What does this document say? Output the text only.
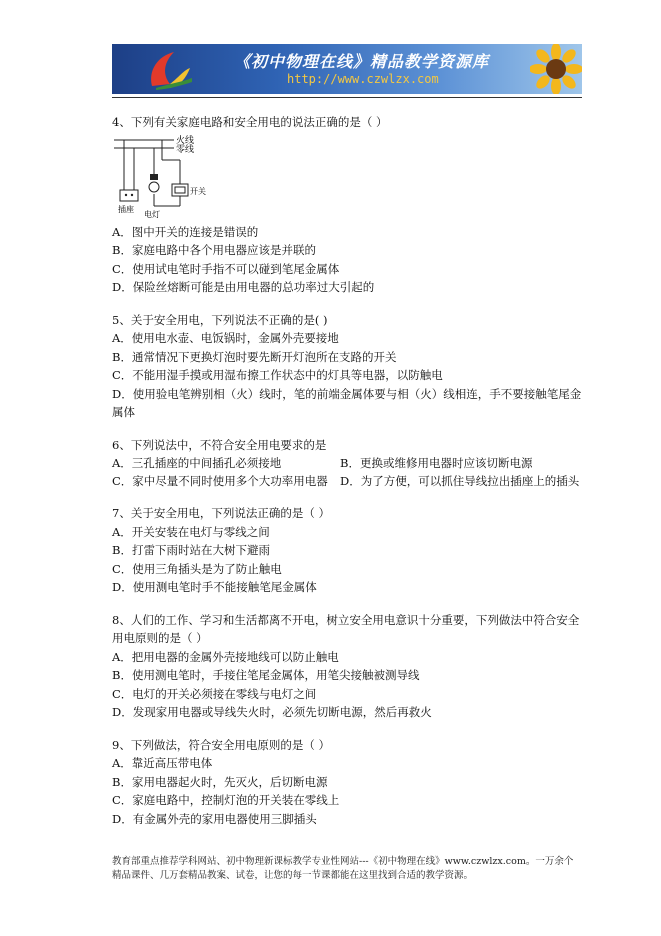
《初中物理在线》精品教学资源库
http://www.czwlzx.com
4、下列有关家庭电路和安全用电的说法正确的是（ ）
火线
零线
插座
电灯
开关
A．图中开关的连接是错误的
B．家庭电路中各个用电器应该是并联的
C．使用试电笔时手指不可以碰到笔尾金属体
D．保险丝熔断可能是由用电器的总功率过大引起的
5、关于安全用电，下列说法不正确的是( )
A．使用电水壶、电饭锅时，金属外壳要接地
B．通常情况下更换灯泡时要先断开灯泡所在支路的开关
C．不能用湿手摸或用湿布擦工作状态中的灯具等电器，以防触电
D．使用验电笔辨别相（火）线时，笔的前端金属体要与相（火）线相连，手不要接触笔尾金属体
6、下列说法中，不符合安全用电要求的是
A．三孔插座的中间插孔必须接地	B．更换或维修用电器时应该切断电源
C．家中尽量不同时使用多个大功率用电器	D．为了方便，可以抓住导线拉出插座上的插头
7、关于安全用电，下列说法正确的是（ ）
A．开关安装在电灯与零线之间
B．打雷下雨时站在大树下避雨
C．使用三角插头是为了防止触电
D．使用测电笔时手不能接触笔尾金属体
8、人们的工作、学习和生活都离不开电，树立安全用电意识十分重要，下列做法中符合安全用电原则的是（ ）
A．把用电器的金属外壳接地线可以防止触电
B．使用测电笔时，手接住笔尾金属体，用笔尖接触被测导线
C．电灯的开关必须接在零线与电灯之间
D．发现家用电器或导线失火时，必须先切断电源，然后再救火
9、下列做法，符合安全用电原则的是（ ）
A．靠近高压带电体
B．家用电器起火时，先灭火，后切断电源
C．家庭电路中，控制灯泡的开关装在零线上
D．有金属外壳的家用电器使用三脚插头
教育部重点推荐学科网站、初中物理新课标教学专业性网站---《初中物理在线》www.czwlzx.com。一万余个精品课件、几万套精品教案、试卷，让您的每一节课都能在这里找到合适的教学资源。
